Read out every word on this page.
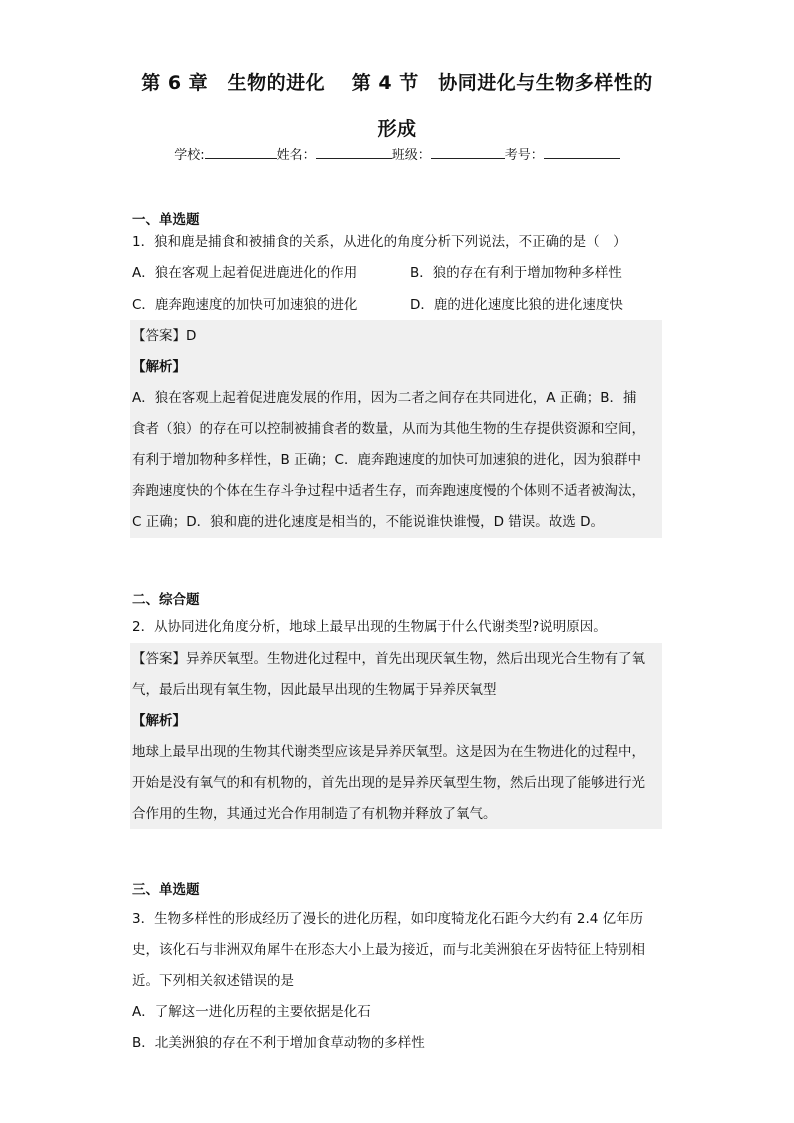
第 6 章　生物的进化　 第 4 节　协同进化与生物多样性的
形成
学校:	姓名：	班级：	考号：
一、单选题
1．狼和鹿是捕食和被捕食的关系，从进化的角度分析下列说法，不正确的是（　）
A．狼在客观上起着促进鹿进化的作用	B．狼的存在有利于增加物种多样性
C．鹿奔跑速度的加快可加速狼的进化	D．鹿的进化速度比狼的进化速度快
【答案】D
【解析】
A．狼在客观上起着促进鹿发展的作用，因为二者之间存在共同进化，A 正确；B．捕
食者（狼）的存在可以控制被捕食者的数量，从而为其他生物的生存提供资源和空间，
有利于增加物种多样性，B 正确；C．鹿奔跑速度的加快可加速狼的进化，因为狼群中
奔跑速度快的个体在生存斗争过程中适者生存，而奔跑速度慢的个体则不适者被淘汰，
C 正确；D．狼和鹿的进化速度是相当的，不能说谁快谁慢，D 错误。故选 D。
二、综合题
2．从协同进化角度分析，地球上最早出现的生物属于什么代谢类型?说明原因。
【答案】异养厌氧型。生物进化过程中，首先出现厌氧生物，然后出现光合生物有了氧
气，最后出现有氧生物，因此最早出现的生物属于异养厌氧型
【解析】
地球上最早出现的生物其代谢类型应该是异养厌氧型。这是因为在生物进化的过程中，
开始是没有氧气的和有机物的，首先出现的是异养厌氧型生物，然后出现了能够进行光
合作用的生物，其通过光合作用制造了有机物并释放了氧气。
三、单选题
3．生物多样性的形成经历了漫长的进化历程，如印度犄龙化石距今大约有 2.4 亿年历
史，该化石与非洲双角犀牛在形态大小上最为接近，而与北美洲狼在牙齿特征上特别相
近。下列相关叙述错误的是
A．了解这一进化历程的主要依据是化石
B．北美洲狼的存在不利于增加食草动物的多样性
